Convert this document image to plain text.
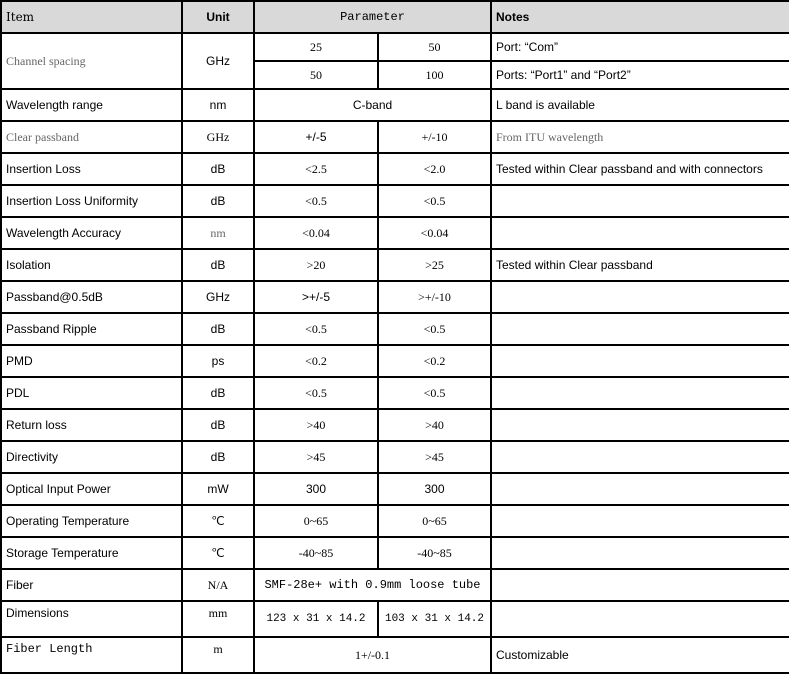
Item	Unit	Parameter		Notes
Channel spacing	GHz	25	50	Port: “Com”
		50	100	Ports: “Port1” and “Port2”
Wavelength range	nm	C-band		L band is available
Clear passband	GHz	+/-5	+/-10	From ITU wavelength
Insertion Loss	dB	<2.5	<2.0	Tested within Clear passband and with connectors
Insertion Loss Uniformity	dB	<0.5	<0.5	
Wavelength Accuracy	nm	<0.04	<0.04	
Isolation	dB	>20	>25	Tested within Clear passband
Passband@0.5dB	GHz	>+/-5	>+/-10	
Passband Ripple	dB	<0.5	<0.5	
PMD	ps	<0.2	<0.2	
PDL	dB	<0.5	<0.5	
Return loss	dB	>40	>40	
Directivity	dB	>45	>45	
Optical Input Power	mW	300	300	
Operating Temperature	℃	0~65	0~65	
Storage Temperature	℃	-40~85	-40~85	
Fiber	N/A	SMF-28e+ with 0.9mm loose tube		
Dimensions	mm	123 x 31 x 14.2	103 x 31 x 14.2	
Fiber Length	m	1+/-0.1		Customizable
